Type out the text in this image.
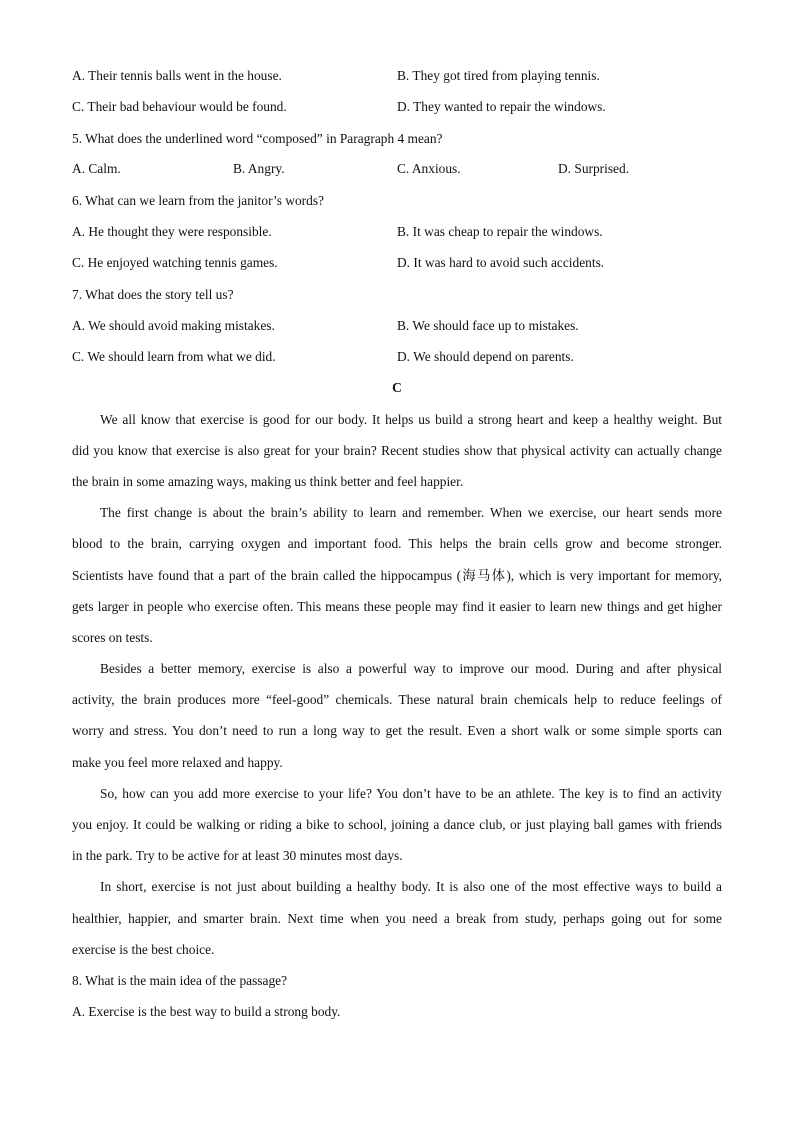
A. Their tennis balls went in the house.	B. They got tired from playing tennis.
C. Their bad behaviour would be found.	D. They wanted to repair the windows.
5. What does the underlined word “composed” in Paragraph 4 mean?
A. Calm.	B. Angry.	C. Anxious.	D. Surprised.
6. What can we learn from the janitor’s words?
A. He thought they were responsible.	B. It was cheap to repair the windows.
C. He enjoyed watching tennis games.	D. It was hard to avoid such accidents.
7. What does the story tell us?
A. We should avoid making mistakes.	B. We should face up to mistakes.
C. We should learn from what we did.	D. We should depend on parents.
C
We all know that exercise is good for our body. It helps us build a strong heart and keep a healthy weight. But
did you know that exercise is also great for your brain? Recent studies show that physical activity can actually change
the brain in some amazing ways, making us think better and feel happier.
The first change is about the brain’s ability to learn and remember. When we exercise, our heart sends more
blood to the brain, carrying oxygen and important food. This helps the brain cells grow and become stronger.
Scientists have found that a part of the brain called the hippocampus (海马体), which is very important for memory,
gets larger in people who exercise often. This means these people may find it easier to learn new things and get higher
scores on tests.
Besides a better memory, exercise is also a powerful way to improve our mood. During and after physical
activity, the brain produces more “feel-good” chemicals. These natural brain chemicals help to reduce feelings of
worry and stress. You don’t need to run a long way to get the result. Even a short walk or some simple sports can
make you feel more relaxed and happy.
So, how can you add more exercise to your life? You don’t have to be an athlete. The key is to find an activity
you enjoy. It could be walking or riding a bike to school, joining a dance club, or just playing ball games with friends
in the park. Try to be active for at least 30 minutes most days.
In short, exercise is not just about building a healthy body. It is also one of the most effective ways to build a
healthier, happier, and smarter brain. Next time when you need a break from study, perhaps going out for some
exercise is the best choice.
8. What is the main idea of the passage?
A. Exercise is the best way to build a strong body.
